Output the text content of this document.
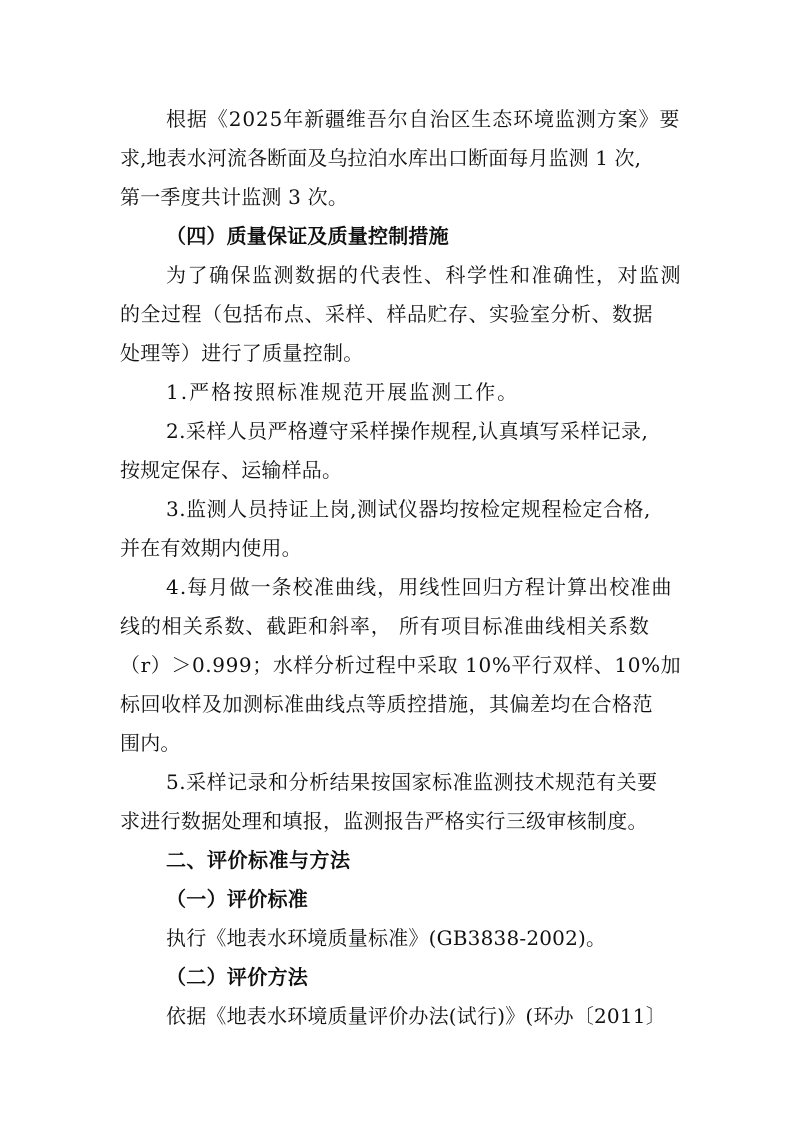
根据《2025年新疆维吾尔自治区生态环境监测方案》要
求,地表水河流各断面及乌拉泊水库出口断面每月监测 1 次,
第一季度共计监测 3 次。
（四）质量保证及质量控制措施
为了确保监测数据的代表性、科学性和准确性，对监测
的全过程（包括布点、采样、样品贮存、实验室分析、数据
处理等）进行了质量控制。
1.严格按照标准规范开展监测工作。
2.采样人员严格遵守采样操作规程,认真填写采样记录,
按规定保存、运输样品。
3.监测人员持证上岗,测试仪器均按检定规程检定合格,
并在有效期内使用。
4.每月做一条校准曲线，用线性回归方程计算出校准曲
线的相关系数、截距和斜率， 所有项目标准曲线相关系数
（r）＞0.999；水样分析过程中采取 10%平行双样、10%加
标回收样及加测标准曲线点等质控措施，其偏差均在合格范
围内。
5.采样记录和分析结果按国家标准监测技术规范有关要
求进行数据处理和填报，监测报告严格实行三级审核制度。
二、评价标准与方法
（一）评价标准
执行《地表水环境质量标准》(GB3838-2002)。
（二）评价方法
依据《地表水环境质量评价办法(试行)》(环办〔2011〕
